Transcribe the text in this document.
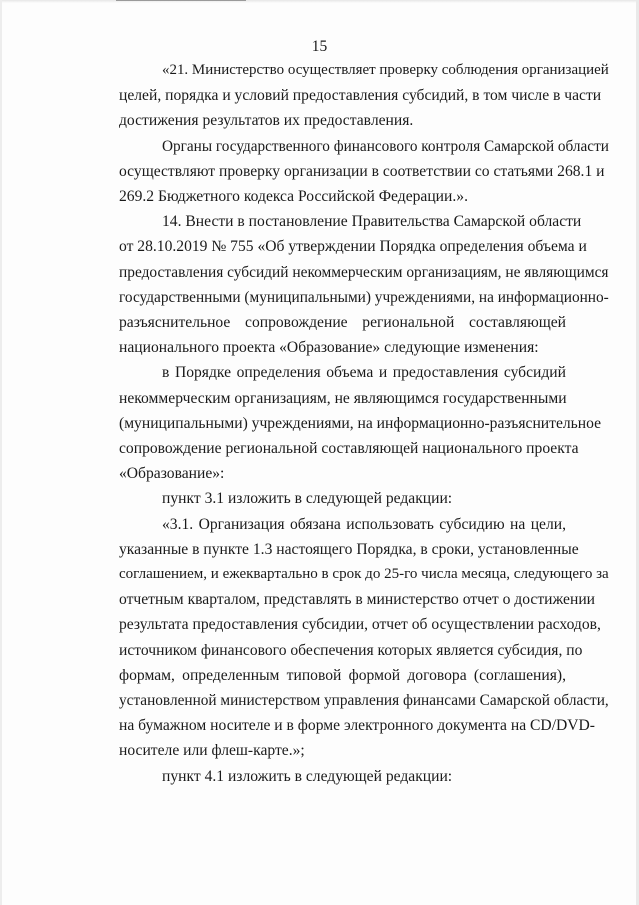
15
«21. Министерство осуществляет проверку соблюдения организацией
целей, порядка и условий предоставления субсидий, в том числе в части
достижения результатов их предоставления.
Органы государственного финансового контроля Самарской области
осуществляют проверку организации в соответствии со статьями 268.1 и
269.2 Бюджетного кодекса Российской Федерации.».
14. Внести в постановление Правительства Самарской области
от 28.10.2019 № 755 «Об утверждении Порядка определения объема и
предоставления субсидий некоммерческим организациям, не являющимся
государственными (муниципальными) учреждениями, на информационно-
разъяснительное сопровождение региональной составляющей
национального проекта «Образование» следующие изменения:
в Порядке определения объема и предоставления субсидий
некоммерческим организациям, не являющимся государственными
(муниципальными) учреждениями, на информационно-разъяснительное
сопровождение региональной составляющей национального проекта
«Образование»:
пункт 3.1 изложить в следующей редакции:
«3.1. Организация обязана использовать субсидию на цели,
указанные в пункте 1.3 настоящего Порядка, в сроки, установленные
соглашением, и ежеквартально в срок до 25-го числа месяца, следующего за
отчетным кварталом, представлять в министерство отчет о достижении
результата предоставления субсидии, отчет об осуществлении расходов,
источником финансового обеспечения которых является субсидия, по
формам, определенным типовой формой договора (соглашения),
установленной министерством управления финансами Самарской области,
на бумажном носителе и в форме электронного документа на CD/DVD-
носителе или флеш-карте.»;
пункт 4.1 изложить в следующей редакции:
